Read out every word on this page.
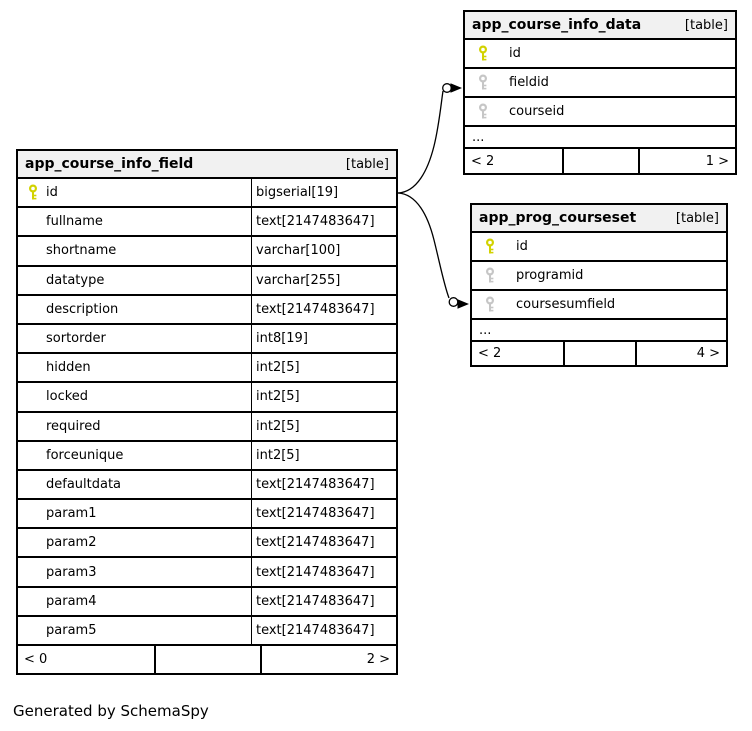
app_course_info_field	[table]
id	bigserial[19]
fullname	text[2147483647]
shortname	varchar[100]
datatype	varchar[255]
description	text[2147483647]
sortorder	int8[19]
hidden	int2[5]
locked	int2[5]
required	int2[5]
forceunique	int2[5]
defaultdata	text[2147483647]
param1	text[2147483647]
param2	text[2147483647]
param3	text[2147483647]
param4	text[2147483647]
param5	text[2147483647]
< 0	2 >
app_course_info_data	[table]
id
fieldid
courseid
...
< 2	1 >
app_prog_courseset	[table]
id
programid
coursesumfield
...
< 2	4 >
Generated by SchemaSpy
